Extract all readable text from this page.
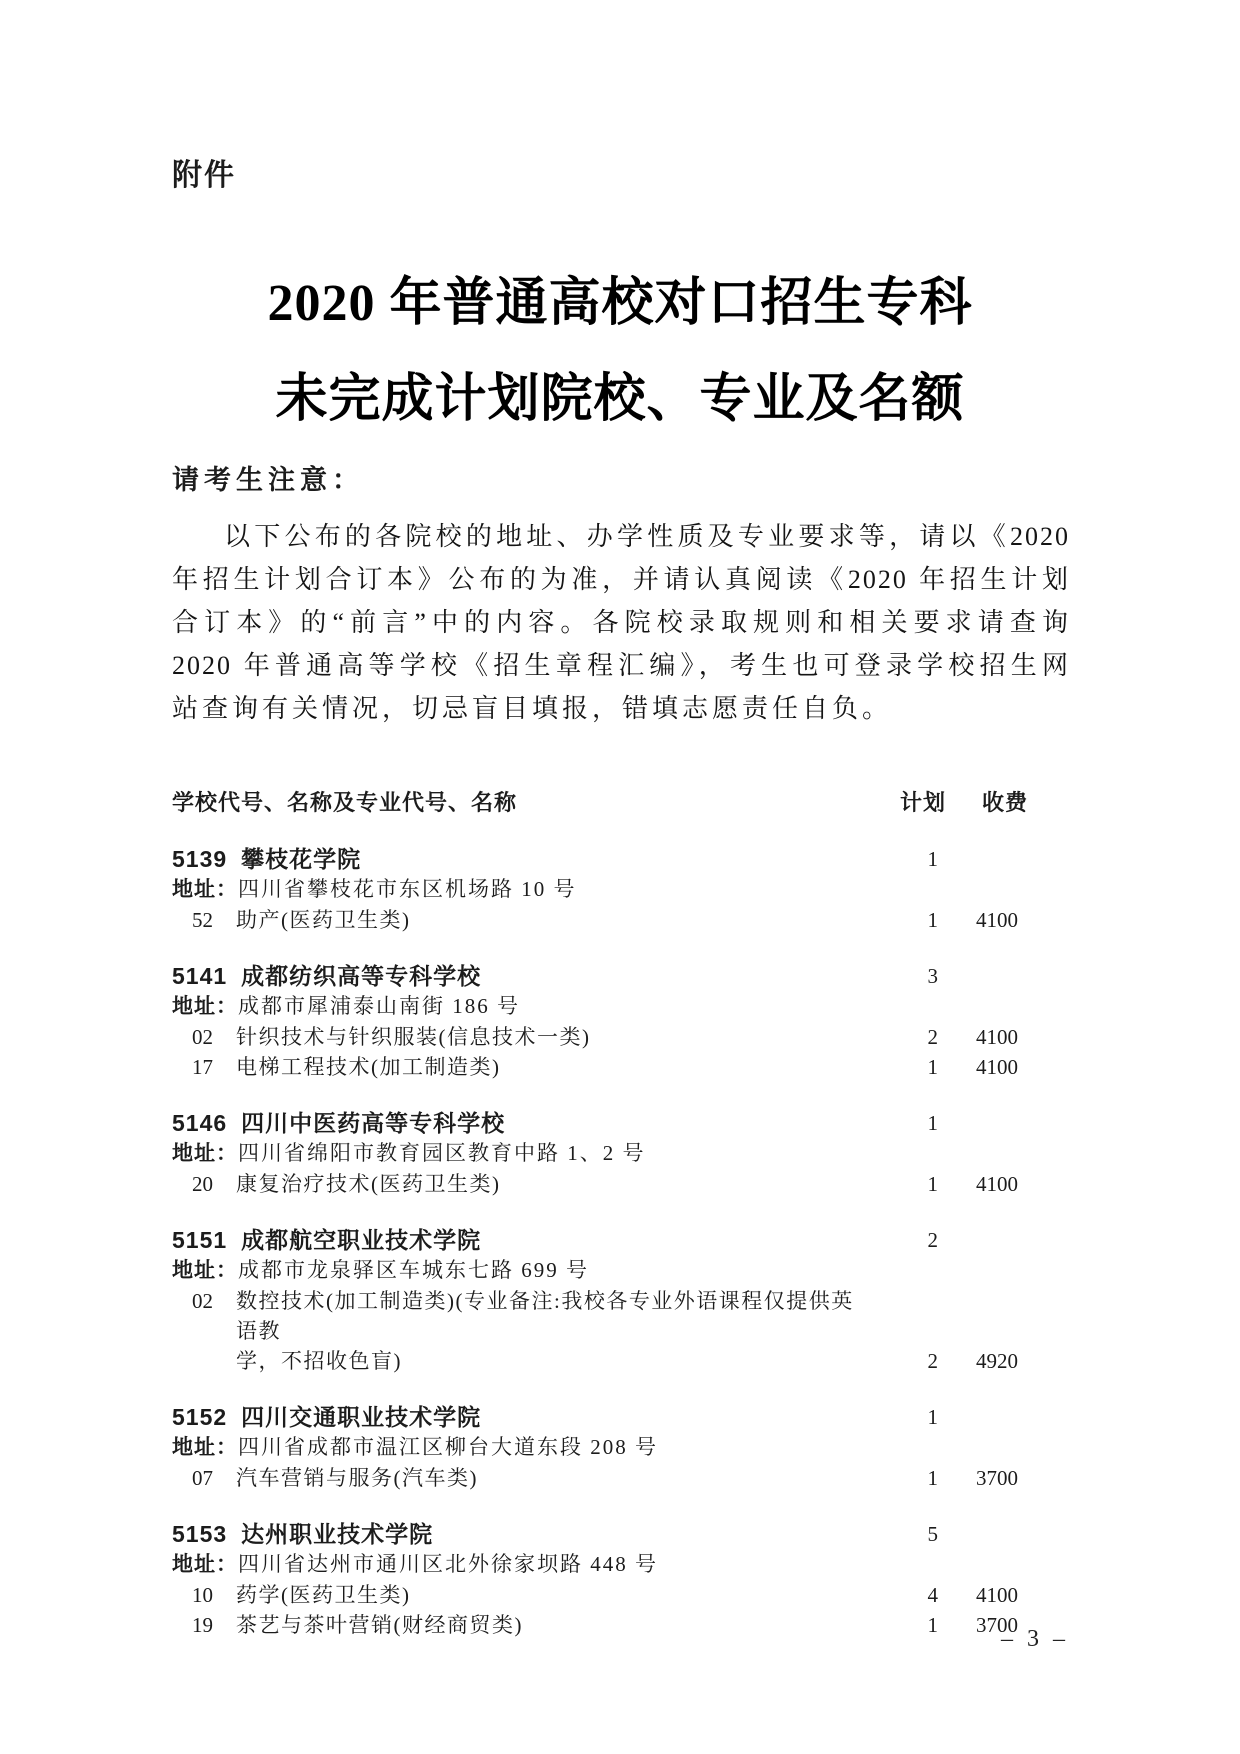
附件
2020 年普通高校对口招生专科
未完成计划院校、专业及名额
请考生注意：
以下公布的各院校的地址、办学性质及专业要求等，请以《2020
年招生计划合订本》公布的为准，并请认真阅读《2020 年招生计划
合订本》的“前言”中的内容。各院校录取规则和相关要求请查询
2020 年普通高等学校《招生章程汇编》，考生也可登录学校招生网
站查询有关情况，切忌盲目填报，错填志愿责任自负。
学校代号、名称及专业代号、名称	计划	收费
5139 攀枝花学院	1
地址：四川省攀枝花市东区机场路 10 号
52 助产(医药卫生类)	1	4100
5141 成都纺织高等专科学校	3
地址：成都市犀浦泰山南街 186 号
02 针织技术与针织服装(信息技术一类)	2	4100
17 电梯工程技术(加工制造类)	1	4100
5146 四川中医药高等专科学校	1
地址：四川省绵阳市教育园区教育中路 1、2 号
20 康复治疗技术(医药卫生类)	1	4100
5151 成都航空职业技术学院	2
地址：成都市龙泉驿区车城东七路 699 号
02 数控技术(加工制造类)(专业备注:我校各专业外语课程仅提供英语教
学，不招收色盲)	2	4920
5152 四川交通职业技术学院	1
地址：四川省成都市温江区柳台大道东段 208 号
07 汽车营销与服务(汽车类)	1	3700
5153 达州职业技术学院	5
地址：四川省达州市通川区北外徐家坝路 448 号
10 药学(医药卫生类)	4	4100
19 茶艺与茶叶营销(财经商贸类)	1	3700
– 3 –
